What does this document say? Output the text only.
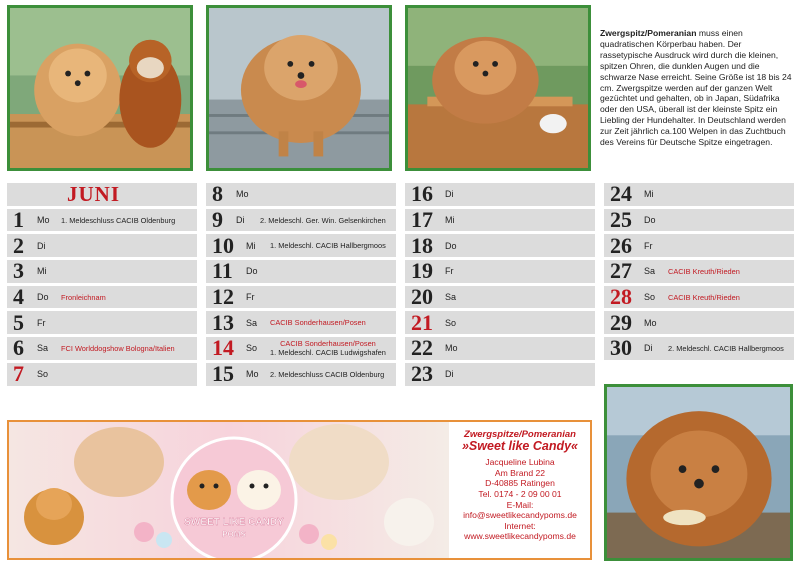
Zwergspitz/Pomeranian muss einen quadratischen Körperbau haben. Der rassetypische Ausdruck wird durch die kleinen, spitzen Ohren, die dunklen Augen und die schwarze Nase erreicht. Seine Größe ist 18 bis 24 cm. Zwergspitze werden auf der ganzen Welt gezüchtet und gehalten, ob in Japan, Südafrika oder den USA, überall ist der kleinste Spitz ein Liebling der Hundehalter. In Deutschland werden zur Zeit jährlich ca.100 Welpen in das Zuchtbuch des Vereins für Deutsche Spitze eingetragen.
JUNI
1	Mo	1. Meldeschluss CACIB Oldenburg
2	Di
3	Mi
4	Do	Fronleichnam
5	Fr
6	Sa	FCI Worlddogshow Bologna/Italien
7	So
8	Mo
9	Di	2. Meldeschl. Ger. Win. Gelsenkirchen
10	Mi	1. Meldeschl. CACIB Hallbergmoos
11	Do
12	Fr
13	Sa	CACIB Sonderhausen/Posen
14	So	CACIB Sonderhausen/Posen
1. Meldeschl. CACIB Ludwigshafen
15	Mo	2. Meldeschluss CACIB Oldenburg
16	Di
17	Mi
18	Do
19	Fr
20	Sa
21	So
22	Mo
23	Di
24	Mi
25	Do
26	Fr
27	Sa	CACIB Kreuth/Rieden
28	So	CACIB Kreuth/Rieden
29	Mo
30	Di	2. Meldeschl. CACIB Hallbergmoos
SWEET LIKE CANDY
POMS
Zwergspitze/Pomeranian
»Sweet like Candy«
Jacqueline Lubina
Am Brand 22
D-40885 Ratingen
Tel. 0174 - 2 09 00 01
E-Mail:
info@sweetlikecandypoms.de
Internet:
www.sweetlikecandypoms.de
